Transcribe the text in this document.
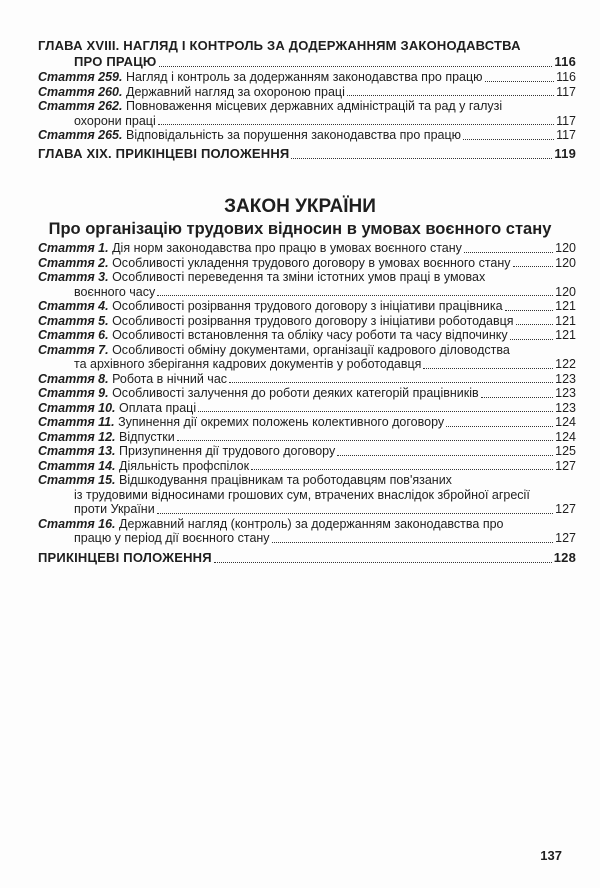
ГЛАВА XVIII. НАГЛЯД І КОНТРОЛЬ ЗА ДОДЕРЖАННЯМ ЗАКОНОДАВСТВА
ПРО ПРАЦЮ	116
Стаття 259. Нагляд і контроль за додержанням законодавства про працю	116
Стаття 260. Державний нагляд за охороною праці	117
Стаття 262. Повноваження місцевих державних адміністрацій та рад у галузі
охорони праці	117
Стаття 265. Відповідальність за порушення законодавства про працю	117
ГЛАВА XIX. ПРИКІНЦЕВІ ПОЛОЖЕННЯ	119
ЗАКОН УКРАЇНИ
Про організацію трудових відносин в умовах воєнного стану
Стаття 1. Дія норм законодавства про працю в умовах воєнного стану	120
Стаття 2. Особливості укладення трудового договору в умовах воєнного стану	120
Стаття 3. Особливості переведення та зміни істотних умов праці в умовах
воєнного часу	120
Стаття 4. Особливості розірвання трудового договору з ініціативи працівника	121
Стаття 5. Особливості розірвання трудового договору з ініціативи роботодавця	121
Стаття 6. Особливості встановлення та обліку часу роботи та часу відпочинку	121
Стаття 7. Особливості обміну документами, організації кадрового діловодства
та архівного зберігання кадрових документів у роботодавця	122
Стаття 8. Робота в нічний час	123
Стаття 9. Особливості залучення до роботи деяких категорій працівників	123
Стаття 10. Оплата праці	123
Стаття 11. Зупинення дії окремих положень колективного договору	124
Стаття 12. Відпустки	124
Стаття 13. Призупинення дії трудового договору	125
Стаття 14. Діяльність профспілок	127
Стаття 15. Відшкодування працівникам та роботодавцям пов'язаних
із трудовими відносинами грошових сум, втрачених внаслідок збройної агресії
проти України	127
Стаття 16. Державний нагляд (контроль) за додержанням законодавства про
працю у період дії воєнного стану	127
ПРИКІНЦЕВІ ПОЛОЖЕННЯ	128
137
